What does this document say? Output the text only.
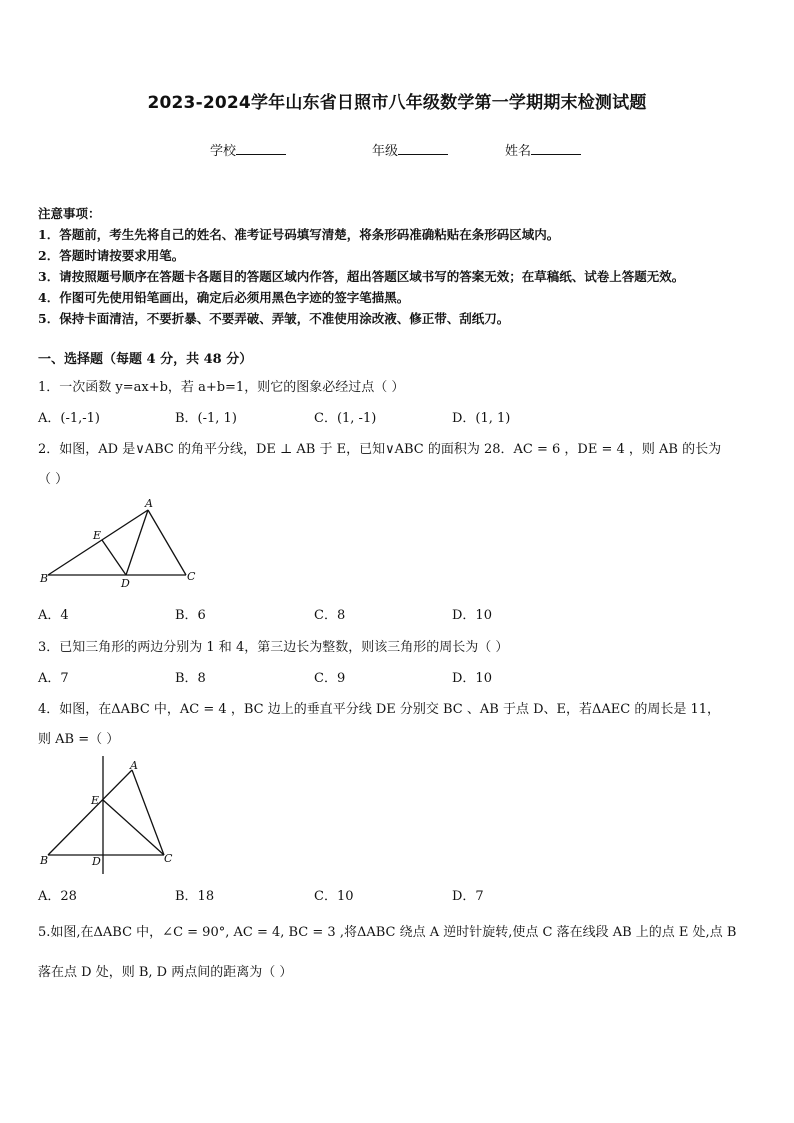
2023-2024学年山东省日照市八年级数学第一学期期末检测试题
学校	年级	姓名
注意事项：
1．答题前，考生先将自己的姓名、准考证号码填写清楚，将条形码准确粘贴在条形码区域内。
2．答题时请按要求用笔。
3．请按照题号顺序在答题卡各题目的答题区域内作答，超出答题区域书写的答案无效；在草稿纸、试卷上答题无效。
4．作图可先使用铅笔画出，确定后必须用黑色字迹的签字笔描黑。
5．保持卡面清洁，不要折暴、不要弄破、弄皱，不准使用涂改液、修正带、刮纸刀。
一、选择题（每题 4 分，共 48 分）
1．一次函数 y=ax+b，若 a+b=1，则它的图象必经过点（ ）
A．(-1,-1)	B．(-1, 1)	C．(1, -1)	D．(1, 1)
2．如图，AD 是∨ABC 的角平分线，DE ⊥ AB 于 E，已知∨ABC 的面积为 28．AC = 6 ，DE = 4 ，则 AB 的长为
（ ）
A
E
B	D
C
A．4	B．6	C．8	D．10
3．已知三角形的两边分别为 1 和 4，第三边长为整数，则该三角形的周长为（ ）
A．7	B．8	C．9	D．10
4．如图，在ΔABC 中，AC = 4 ，BC 边上的垂直平分线 DE 分别交 BC 、AB 于点 D、E，若ΔAEC 的周长是 11，
则 AB =（ ）
A
E
B	D	C
A．28	B．18	C．10	D．7
5.如图,在ΔABC 中，∠C = 90°, AC = 4, BC = 3 ,将ΔABC 绕点 A 逆时针旋转,使点 C 落在线段 AB 上的点 E 处,点 B
落在点 D 处，则 B, D 两点间的距离为（ ）
